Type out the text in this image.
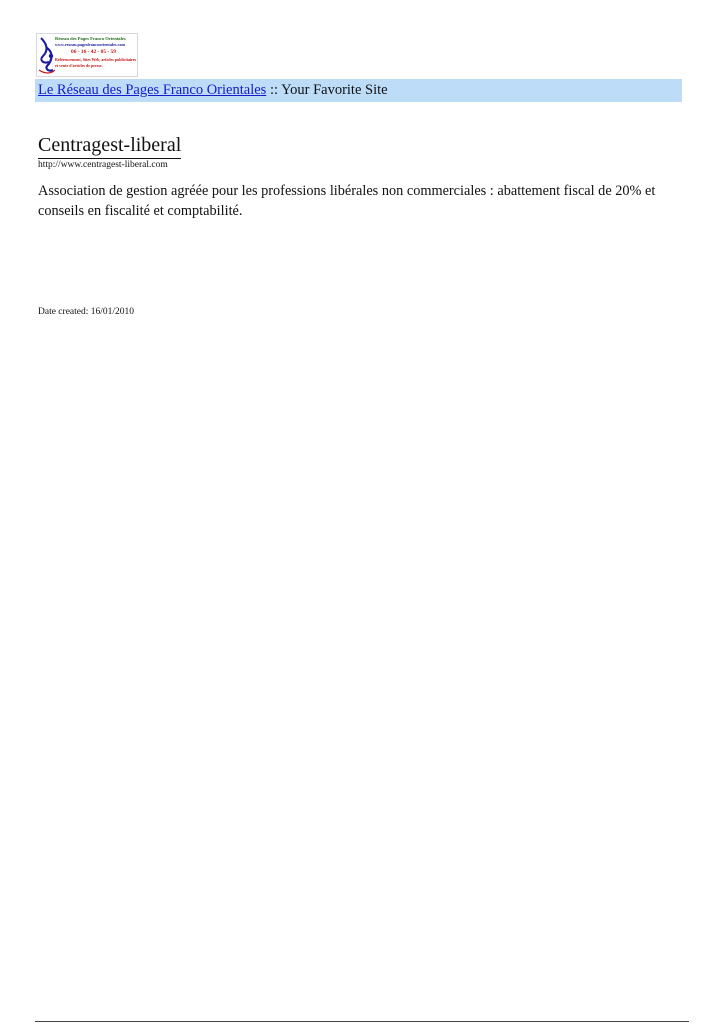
Réseau des Pages Franco Orientales
www.reseau.pagesfrancoorientales.com
06 - 16 - 42 - 05 - 59
Référencement, Sites Web, articles publicitaires
et vente d'articles de presse.
Le Réseau des Pages Franco Orientales :: Your Favorite Site
Centragest-liberal
http://www.centragest-liberal.com

Association de gestion agréée pour les professions libérales non commerciales : abattement fiscal de 20% et conseils en fiscalité et comptabilité.

Date created: 16/01/2010
